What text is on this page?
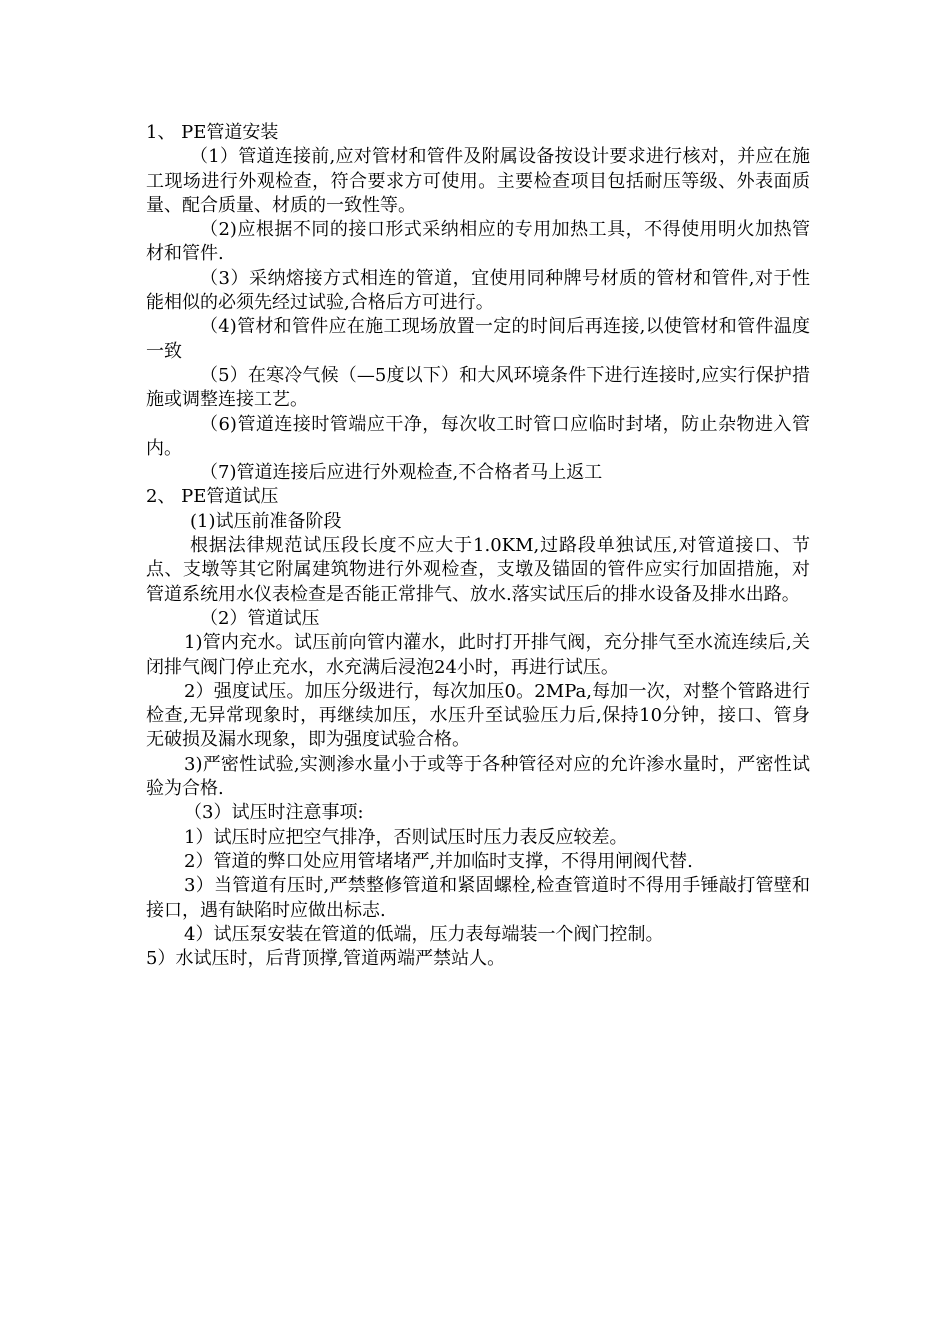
1、 PE管道安装

（1）管道连接前,应对管材和管件及附属设备按设计要求进行核对，并应在施工现场进行外观检查，符合要求方可使用。主要检查项目包括耐压等级、外表面质量、配合质量、材质的一致性等。

（2)应根据不同的接口形式采纳相应的专用加热工具，不得使用明火加热管材和管件.

（3）采纳熔接方式相连的管道，宜使用同种牌号材质的管材和管件,对于性能相似的必须先经过试验,合格后方可进行。

（4)管材和管件应在施工现场放置一定的时间后再连接,以使管材和管件温度一致

（5）在寒冷气候（—5度以下）和大风环境条件下进行连接时,应实行保护措施或调整连接工艺。

（6)管道连接时管端应干净，每次收工时管口应临时封堵，防止杂物进入管内。

（7)管道连接后应进行外观检查,不合格者马上返工

2、 PE管道试压

(1)试压前准备阶段

根据法律规范试压段长度不应大于1.0KM,过路段单独试压,对管道接口、节点、支墩等其它附属建筑物进行外观检查，支墩及锚固的管件应实行加固措施，对管道系统用水仪表检查是否能正常排气、放水.落实试压后的排水设备及排水出路。

（2）管道试压

1)管内充水。试压前向管内灌水，此时打开排气阀，充分排气至水流连续后,关闭排气阀门停止充水，水充满后浸泡24小时，再进行试压。

2）强度试压。加压分级进行，每次加压0。2MPa,每加一次，对整个管路进行检查,无异常现象时，再继续加压，水压升至试验压力后,保持10分钟，接口、管身无破损及漏水现象，即为强度试验合格。

3)严密性试验,实测渗水量小于或等于各种管径对应的允许渗水量时，严密性试验为合格.

（3）试压时注意事项:

1）试压时应把空气排净，否则试压时压力表反应较差。

2）管道的弊口处应用管堵堵严,并加临时支撑，不得用闸阀代替.

3）当管道有压时,严禁整修管道和紧固螺栓,检查管道时不得用手锤敲打管壁和接口，遇有缺陷时应做出标志.

4）试压泵安装在管道的低端，压力表每端装一个阀门控制。

5）水试压时，后背顶撑,管道两端严禁站人。
